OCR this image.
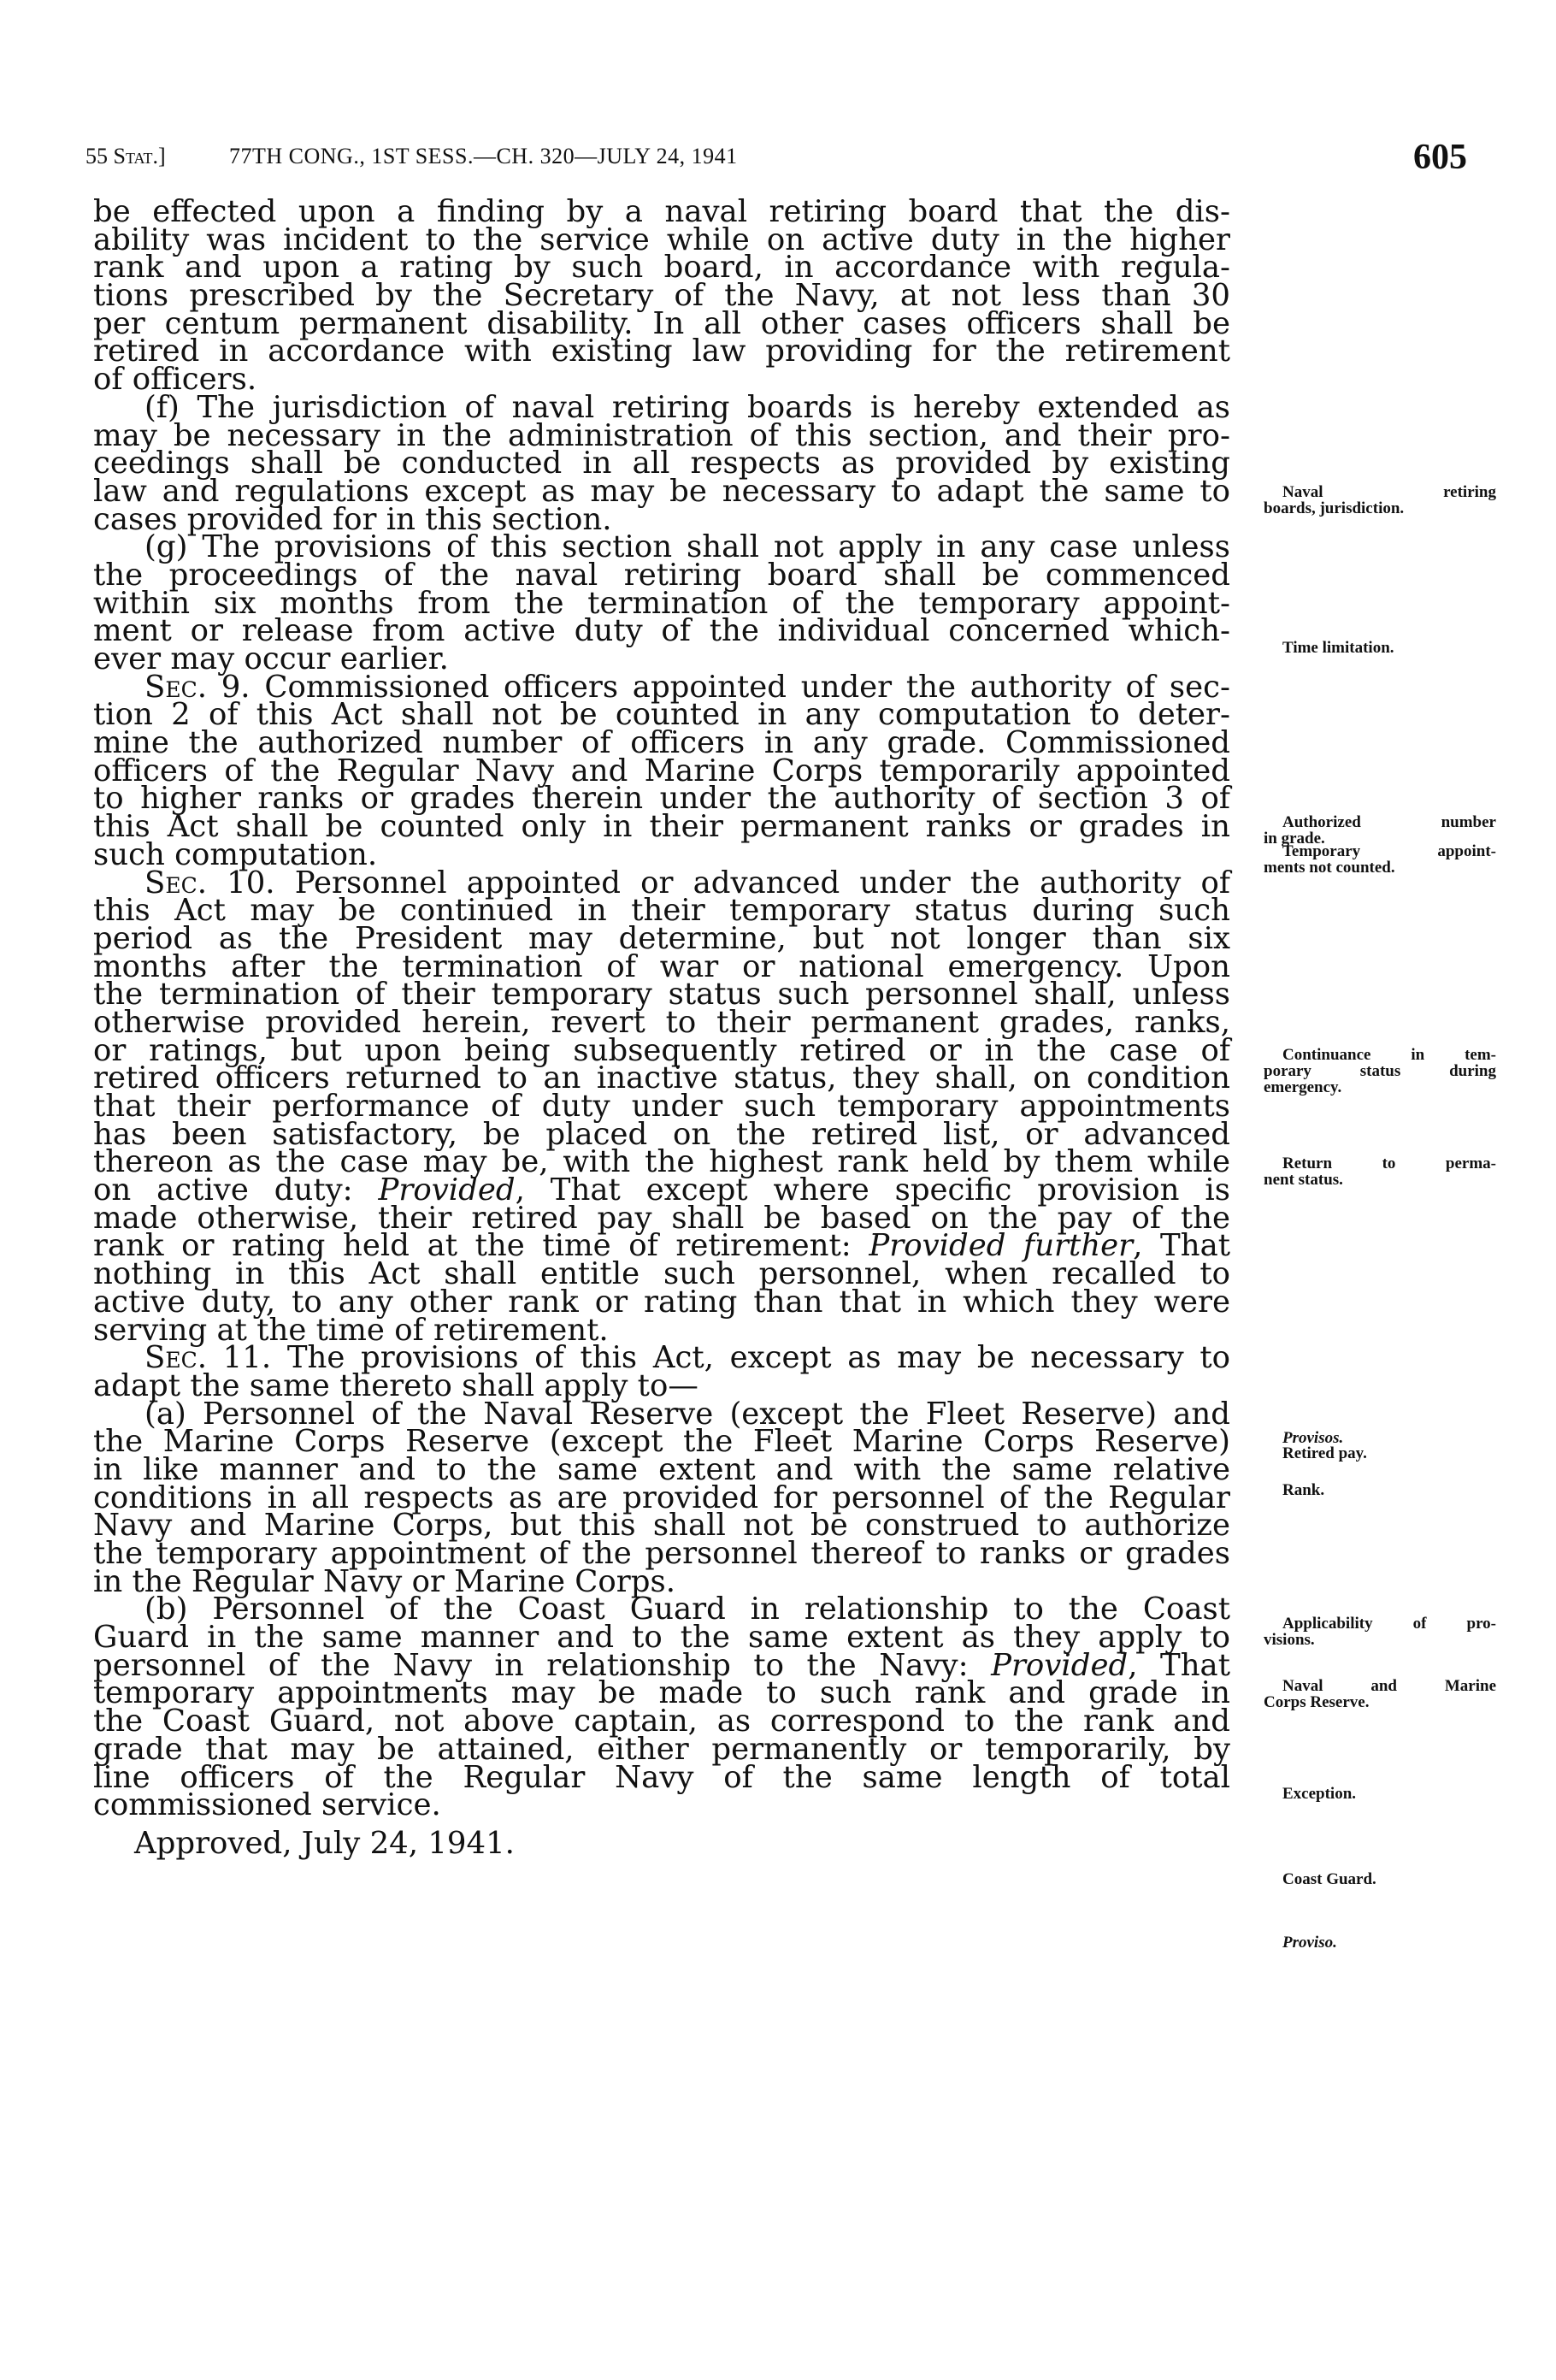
55 Stat.]	77TH CONG., 1ST SESS.—CH. 320—JULY 24, 1941	605
be effected upon a finding by a naval retiring board that the dis-
ability was incident to the service while on active duty in the higher
rank and upon a rating by such board, in accordance with regula-
tions prescribed by the Secretary of the Navy, at not less than 30
per centum permanent disability. In all other cases officers shall be
retired in accordance with existing law providing for the retirement
of officers.
(f) The jurisdiction of naval retiring boards is hereby extended as
may be necessary in the administration of this section, and their pro-
ceedings shall be conducted in all respects as provided by existing
law and regulations except as may be necessary to adapt the same to
cases provided for in this section.
(g) The provisions of this section shall not apply in any case unless
the proceedings of the naval retiring board shall be commenced
within six months from the termination of the temporary appoint-
ment or release from active duty of the individual concerned which-
ever may occur earlier.
Sec. 9. Commissioned officers appointed under the authority of sec-
tion 2 of this Act shall not be counted in any computation to deter-
mine the authorized number of officers in any grade. Commissioned
officers of the Regular Navy and Marine Corps temporarily appointed
to higher ranks or grades therein under the authority of section 3 of
this Act shall be counted only in their permanent ranks or grades in
such computation.
Sec. 10. Personnel appointed or advanced under the authority of
this Act may be continued in their temporary status during such
period as the President may determine, but not longer than six
months after the termination of war or national emergency. Upon
the termination of their temporary status such personnel shall, unless
otherwise provided herein, revert to their permanent grades, ranks,
or ratings, but upon being subsequently retired or in the case of
retired officers returned to an inactive status, they shall, on condition
that their performance of duty under such temporary appointments
has been satisfactory, be placed on the retired list, or advanced
thereon as the case may be, with the highest rank held by them while
on active duty: Provided, That except where specific provision is
made otherwise, their retired pay shall be based on the pay of the
rank or rating held at the time of retirement: Provided further, That
nothing in this Act shall entitle such personnel, when recalled to
active duty, to any other rank or rating than that in which they were
serving at the time of retirement.
Sec. 11. The provisions of this Act, except as may be necessary to
adapt the same thereto shall apply to—
(a) Personnel of the Naval Reserve (except the Fleet Reserve) and
the Marine Corps Reserve (except the Fleet Marine Corps Reserve)
in like manner and to the same extent and with the same relative
conditions in all respects as are provided for personnel of the Regular
Navy and Marine Corps, but this shall not be construed to authorize
the temporary appointment of the personnel thereof to ranks or grades
in the Regular Navy or Marine Corps.
(b) Personnel of the Coast Guard in relationship to the Coast
Guard in the same manner and to the same extent as they apply to
personnel of the Navy in relationship to the Navy: Provided, That
temporary appointments may be made to such rank and grade in
the Coast Guard, not above captain, as correspond to the rank and
grade that may be attained, either permanently or temporarily, by
line officers of the Regular Navy of the same length of total
commissioned service.
Approved, July 24, 1941.
Naval retiring
boards, jurisdiction.
Time limitation.
Authorized number
in grade.
Temporary appoint-
ments not counted.
Continuance in tem-
porary status during
emergency.
Return to perma-
nent status.
Provisos.
Retired pay.
Rank.
Applicability of pro-
visions.
Naval and Marine
Corps Reserve.
Exception.
Coast Guard.
Proviso.
